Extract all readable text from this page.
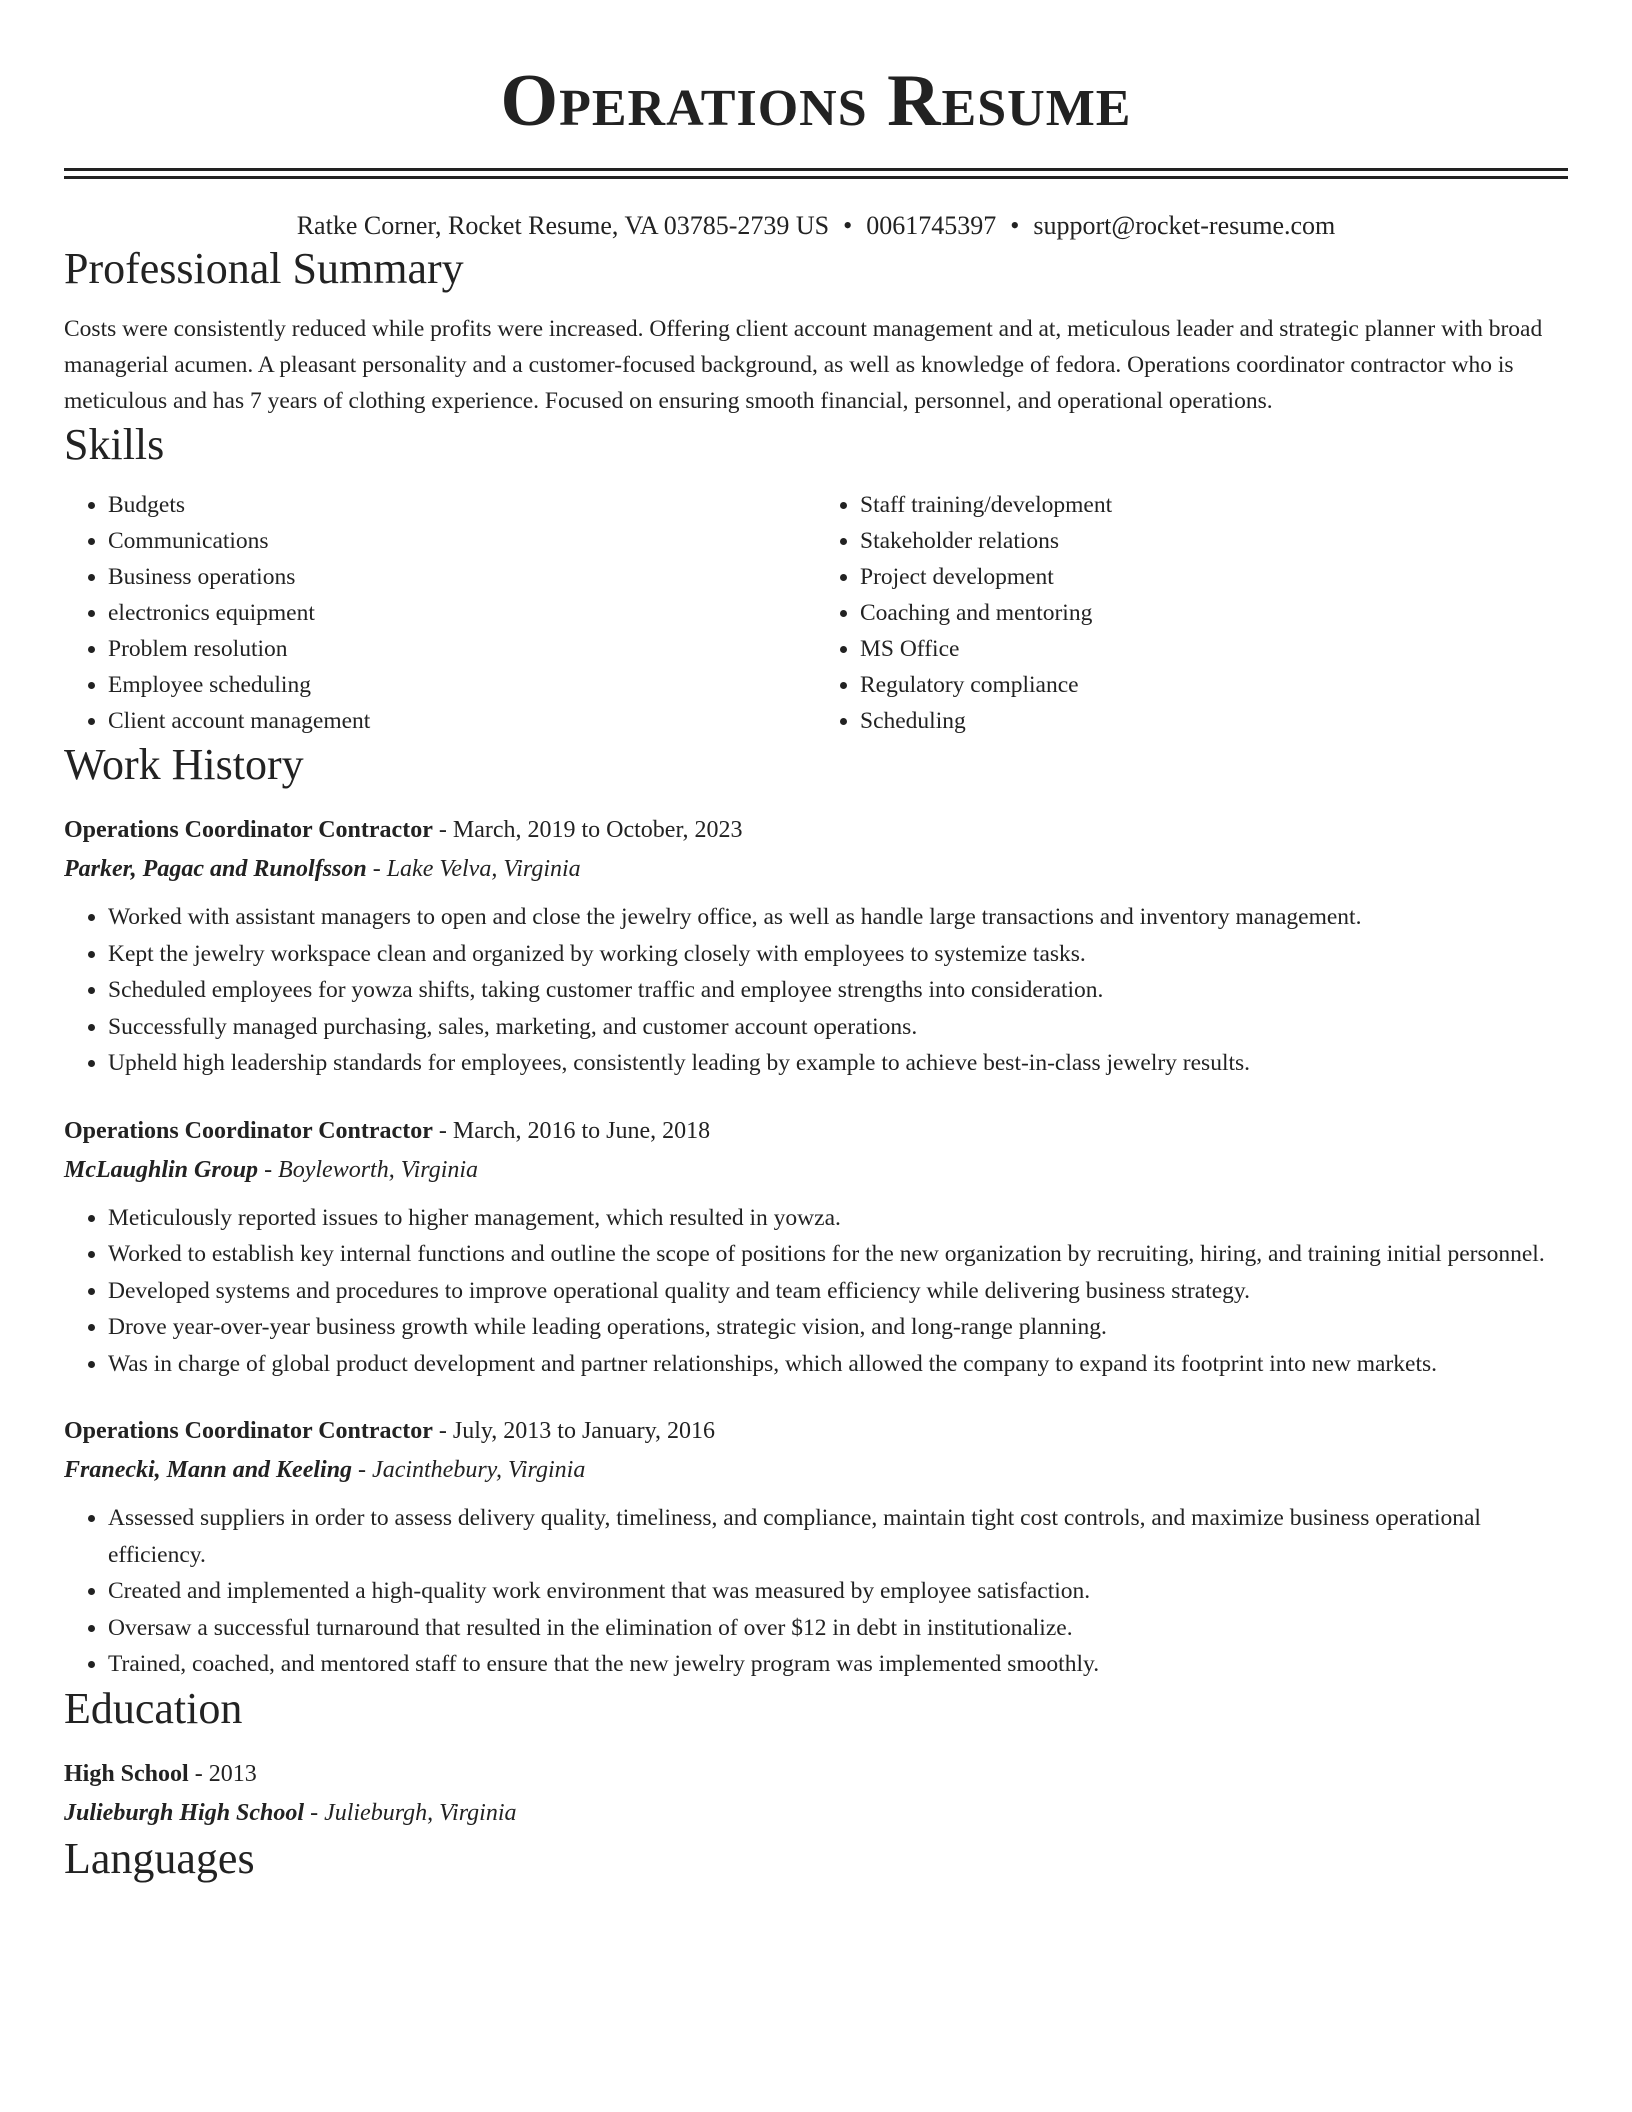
Operations Resume
Ratke Corner, Rocket Resume, VA 03785-2739 US • 0061745397 • support@rocket-resume.com
Professional Summary

Costs were consistently reduced while profits were increased. Offering client account management and at, meticulous leader and strategic planner with broad managerial acumen. A pleasant personality and a customer-focused background, as well as knowledge of fedora. Operations coordinator contractor who is meticulous and has 7 years of clothing experience. Focused on ensuring smooth financial, personnel, and operational operations.

Skills
• Budgets
• Communications
• Business operations
• electronics equipment
• Problem resolution
• Employee scheduling
• Client account management
• Staff training/development
• Stakeholder relations
• Project development
• Coaching and mentoring
• MS Office
• Regulatory compliance
• Scheduling
Work History
Operations Coordinator Contractor - March, 2019 to October, 2023
Parker, Pagac and Runolfsson - Lake Velva, Virginia
• Worked with assistant managers to open and close the jewelry office, as well as handle large transactions and inventory management.
• Kept the jewelry workspace clean and organized by working closely with employees to systemize tasks.
• Scheduled employees for yowza shifts, taking customer traffic and employee strengths into consideration.
• Successfully managed purchasing, sales, marketing, and customer account operations.
• Upheld high leadership standards for employees, consistently leading by example to achieve best-in-class jewelry results.
Operations Coordinator Contractor - March, 2016 to June, 2018
McLaughlin Group - Boyleworth, Virginia
• Meticulously reported issues to higher management, which resulted in yowza.
• Worked to establish key internal functions and outline the scope of positions for the new organization by recruiting, hiring, and training initial personnel.
• Developed systems and procedures to improve operational quality and team efficiency while delivering business strategy.
• Drove year-over-year business growth while leading operations, strategic vision, and long-range planning.
• Was in charge of global product development and partner relationships, which allowed the company to expand its footprint into new markets.
Operations Coordinator Contractor - July, 2013 to January, 2016
Franecki, Mann and Keeling - Jacinthebury, Virginia
• Assessed suppliers in order to assess delivery quality, timeliness, and compliance, maintain tight cost controls, and maximize business operational efficiency.
• Created and implemented a high-quality work environment that was measured by employee satisfaction.
• Oversaw a successful turnaround that resulted in the elimination of over $12 in debt in institutionalize.
• Trained, coached, and mentored staff to ensure that the new jewelry program was implemented smoothly.
Education
High School - 2013
Julieburgh High School - Julieburgh, Virginia
Languages
